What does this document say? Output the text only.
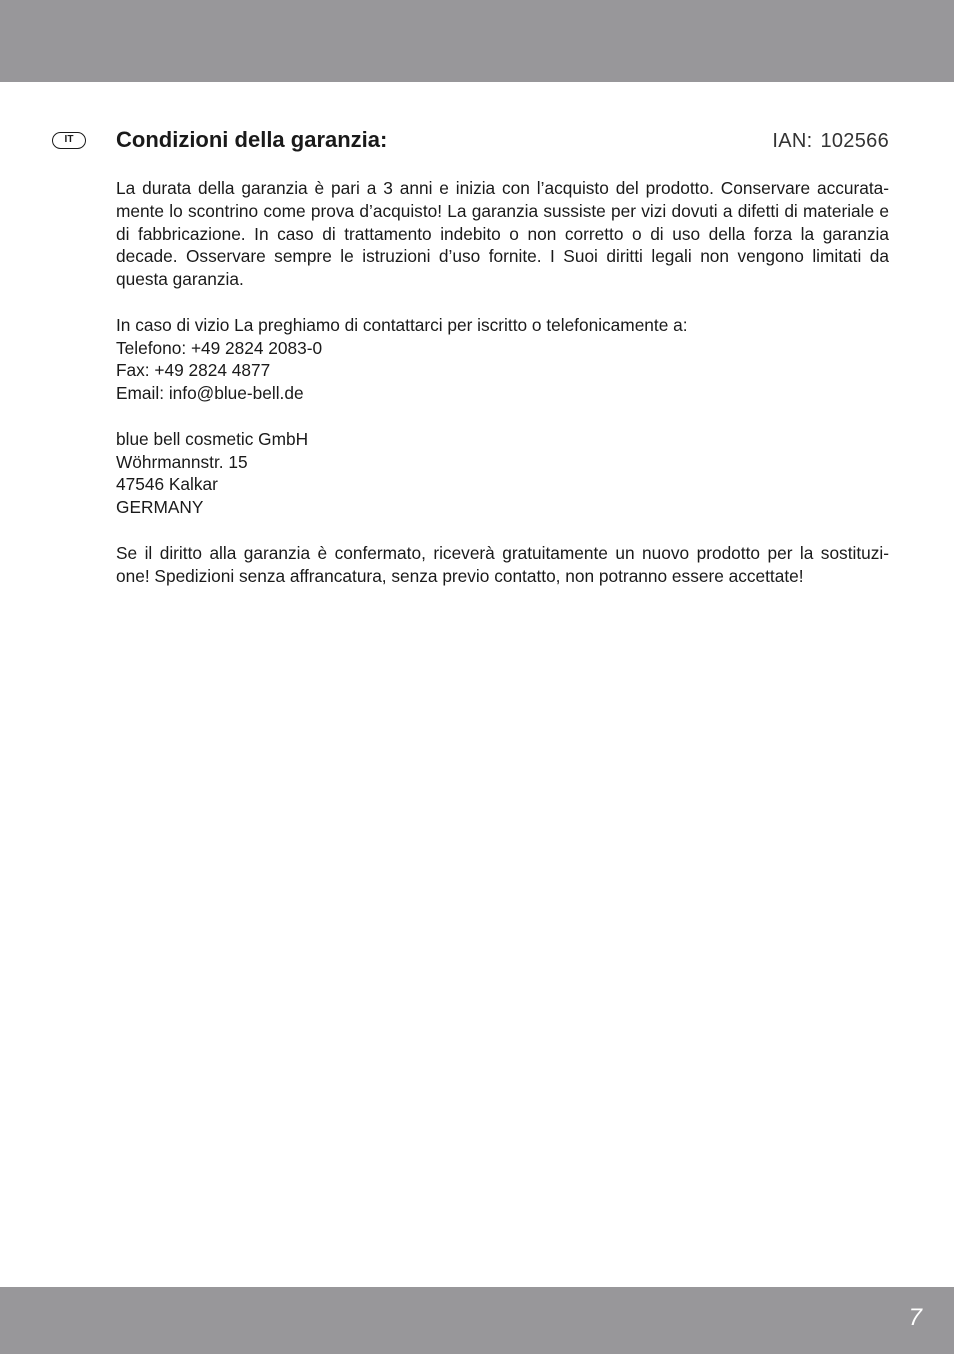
IT	Condizioni della garanzia:	IAN: 102566

La durata della garanzia è pari a 3 anni e inizia con l’acquisto del prodotto. Conservare accurata- mente lo scontrino come prova d’acquisto! La garanzia sussiste per vizi dovuti a difetti di materiale e di fabbricazione. In caso di trattamento indebito o non corretto o di uso della forza la garanzia decade. Osservare sempre le istruzioni d’uso fornite. I Suoi diritti legali non vengono limitati da questa garanzia.

In caso di vizio La preghiamo di contattarci per iscritto o telefonicamente a:

Telefono: +49 2824 2083-0

Fax: +49 2824 4877

Email: info@blue-bell.de

blue bell cosmetic GmbH

Wöhrmannstr. 15

47546 Kalkar

GERMANY

Se il diritto alla garanzia è confermato, riceverà gratuitamente un nuovo prodotto per la sostituzi- one! Spedizioni senza affrancatura, senza previo contatto, non potranno essere accettate!

7
